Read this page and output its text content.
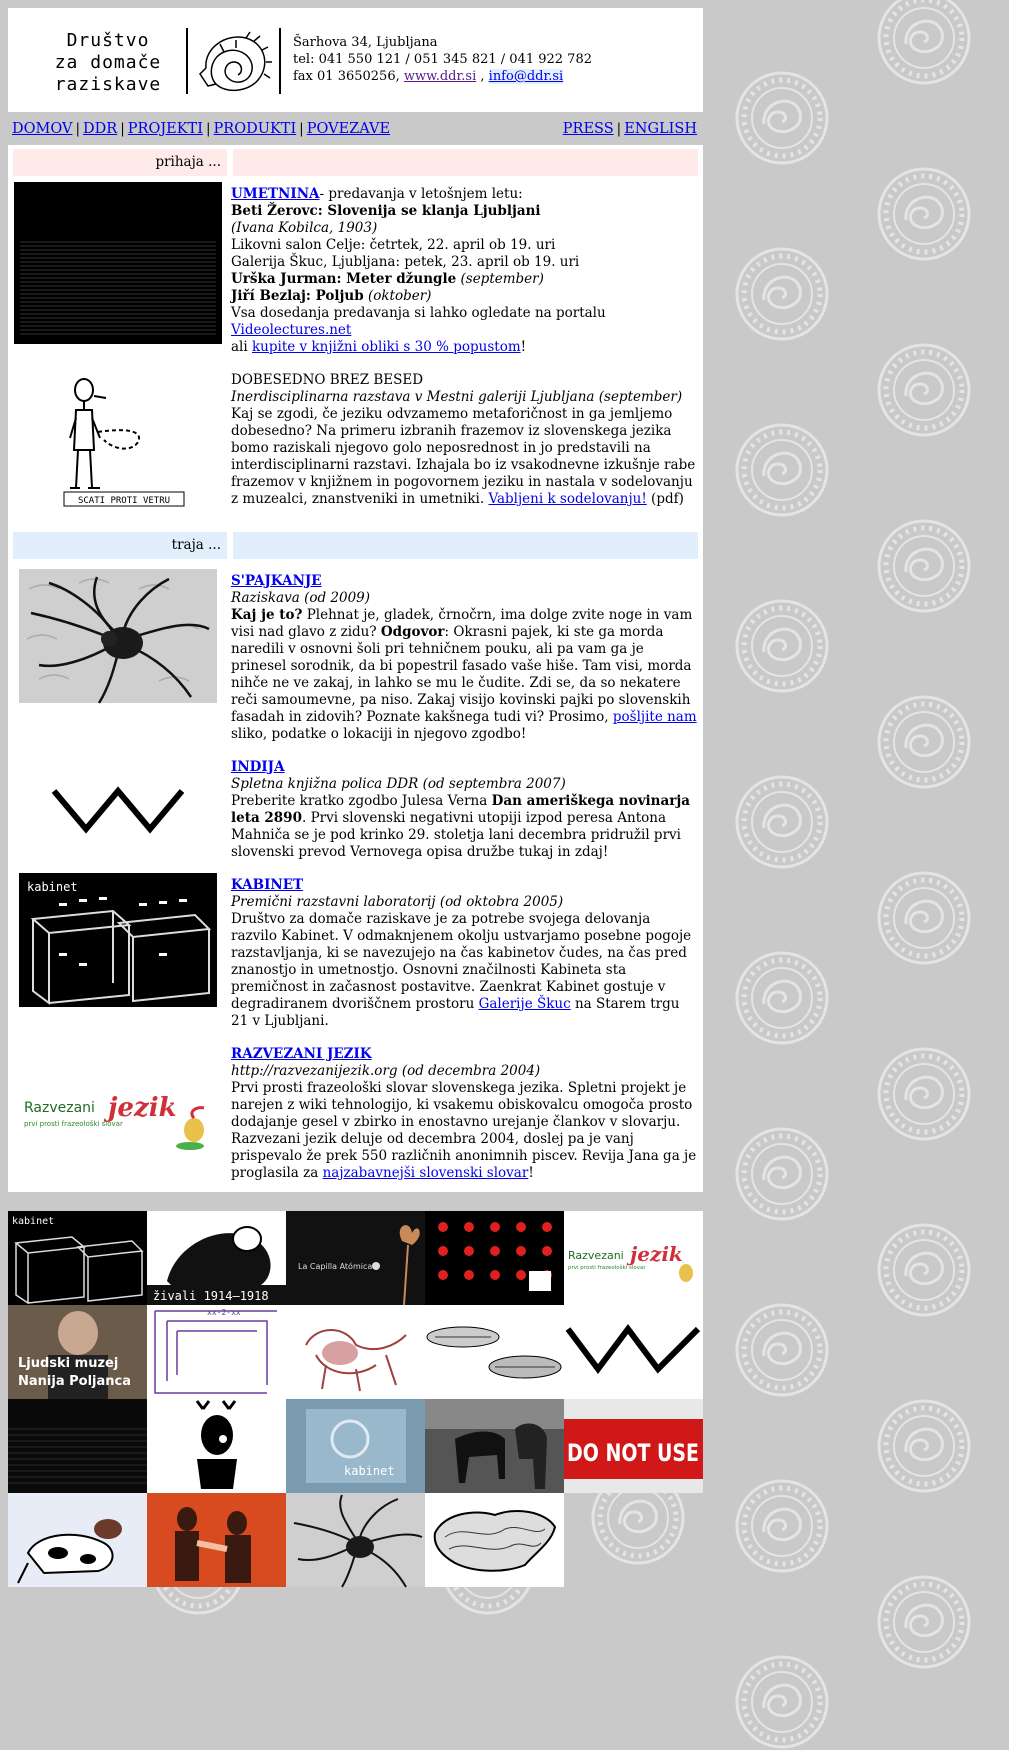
Društvo
za domače
raziskave
Šarhova 34, Ljubljana
tel: 041 550 121 / 051 345 821 / 041 922 782
fax 01 3650256, www.ddr.si , info@ddr.si
DOMOV | DDR | PROJEKTI | PRODUKTI | POVEZAVE	PRESS | ENGLISH
prihaja ...
UMETNINA- predavanja v letošnjem letu:
Beti Žerovc: Slovenija se klanja Ljubljani
(Ivana Kobilca, 1903)
Likovni salon Celje: četrtek, 22. april ob 19. uri
Galerija Škuc, Ljubljana: petek, 23. april ob 19. uri
Urška Jurman: Meter džungle (september)
Jiří Bezlaj: Poljub (oktober)
Vsa dosedanja predavanja si lahko ogledate na portalu Videolectures.net
ali kupite v knjižni obliki s 30 % popustom!
SCATI PROTI VETRU
DOBESEDNO BREZ BESED
Inerdisciplinarna razstava v Mestni galeriji Ljubljana (september)
Kaj se zgodi, če jeziku odvzamemo metaforičnost in ga jemljemo dobesedno? Na primeru izbranih frazemov iz slovenskega jezika bomo raziskali njegovo golo neposrednost in jo predstavili na interdisciplinarni razstavi. Izhajala bo iz vsakodnevne izkušnje rabe frazemov v knjižnem in pogovornem jeziku in nastala v sodelovanju z muzealci, znanstveniki in umetniki. Vabljeni k sodelovanju! (pdf)
traja ...
S'PAJKANJE
Raziskava (od 2009)
Kaj je to? Plehnat je, gladek, črnočrn, ima dolge zvite noge in vam visi nad glavo z zidu? Odgovor: Okrasni pajek, ki ste ga morda naredili v osnovni šoli pri tehničnem pouku, ali pa vam ga je prinesel sorodnik, da bi popestril fasado vaše hiše. Tam visi, morda nihče ne ve zakaj, in lahko se mu le čudite. Zdi se, da so nekatere reči samoumevne, pa niso. Zakaj visijo kovinski pajki po slovenskih fasadah in zidovih? Poznate kakšnega tudi vi? Prosimo, pošljite nam sliko, podatke o lokaciji in njegovo zgodbo!
INDIJA
Spletna knjižna polica DDR (od septembra 2007)
Preberite kratko zgodbo Julesa Verna Dan ameriškega novinarja leta 2890. Prvi slovenski negativni utopiji izpod peresa Antona Mahniča se je pod krinko 29. stoletja lani decembra pridružil prvi slovenski prevod Vernovega opisa družbe tukaj in zdaj!
kabinet	KABINET
Premični razstavni laboratorij (od oktobra 2005)
Društvo za domače raziskave je za potrebe svojega delovanja razvilo Kabinet. V odmaknjenem okolju ustvarjamo posebne pogoje razstavljanja, ki se navezujejo na čas kabinetov čudes, na čas pred znanostjo in umetnostjo. Osnovni značilnosti Kabineta sta premičnost in začasnost postavitve. Zaenkrat Kabinet gostuje v degradiranem dvoriščnem prostoru Galerije Škuc na Starem trgu 21 v Ljubljani.
Razvezani jezik
prvi prosti frazeološki slovar
RAZVEZANI JEZIK
http://razvezanijezik.org (od decembra 2004)
Prvi prosti frazeološki slovar slovenskega jezika. Spletni projekt je narejen z wiki tehnologijo, ki vsakemu obiskovalcu omogoča prosto dodajanje gesel v zbirko in enostavno urejanje člankov v slovarju. Razvezani jezik deluje od decembra 2004, doslej pa je vanj prispevalo že prek 550 različnih anonimnih piscev. Revija Jana ga je proglasila za najzabavnejši slovenski slovar!
kabinet
živali 1914–1918
La Capilla Atómica
Razvezani jezik
prvi prosti frazeološki slovar
Ljudski muzej
Nanija Poljanca
xx-2-xx
kabinet
DO NOT USE
